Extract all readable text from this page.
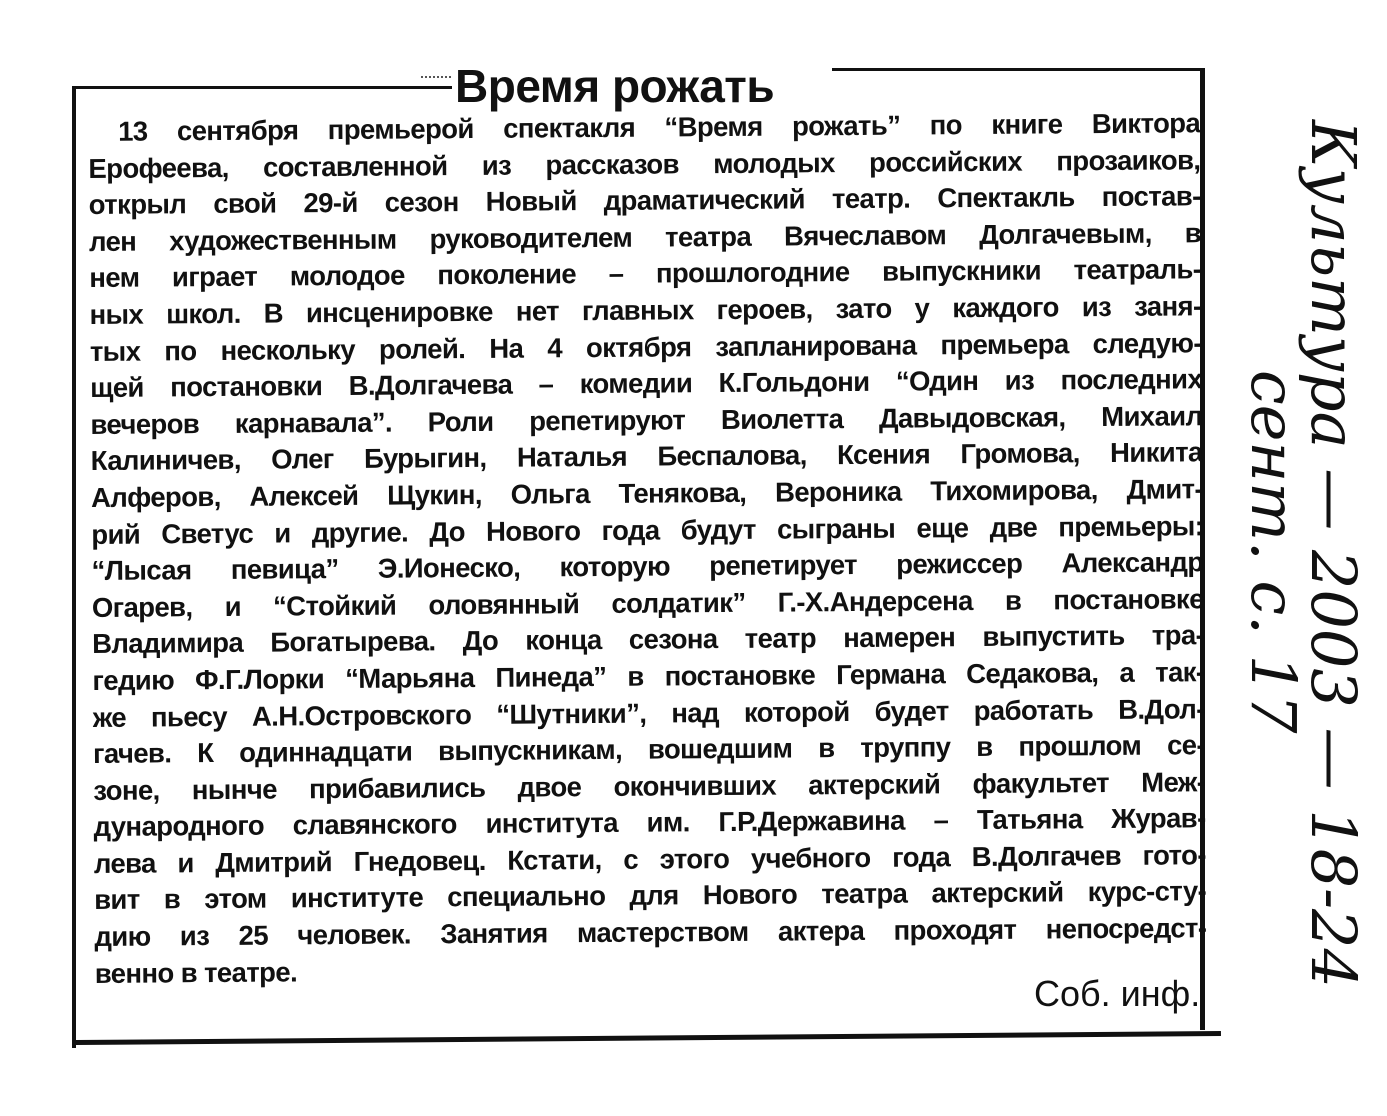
Время рожать
13 сентября премьерой спектакля “Время рожать” по книге Виктора
Ерофеева, составленной из рассказов молодых российских прозаиков,
открыл свой 29-й сезон Новый драматический театр. Спектакль постав-
лен художественным руководителем театра Вячеславом Долгачевым, в
нем играет молодое поколение – прошлогодние выпускники театраль-
ных школ. В инсценировке нет главных героев, зато у каждого из заня-
тых по нескольку ролей. На 4 октября запланирована премьера следую-
щей постановки В.Долгачева – комедии К.Гольдони “Один из последних
вечеров карнавала”. Роли репетируют Виолетта Давыдовская, Михаил
Калиничев, Олег Бурыгин, Наталья Беспалова, Ксения Громова, Никита
Алферов, Алексей Щукин, Ольга Тенякова, Вероника Тихомирова, Дмит-
рий Светус и другие. До Нового года будут сыграны еще две премьеры:
“Лысая певица” Э.Ионеско, которую репетирует режиссер Александр
Огарев, и “Стойкий оловянный солдатик” Г.-Х.Андерсена в постановке
Владимира Богатырева. До конца сезона театр намерен выпустить тра-
гедию Ф.Г.Лорки “Марьяна Пинеда” в постановке Германа Седакова, а так-
же пьесу А.Н.Островского “Шутники”, над которой будет работать В.Дол-
гачев. К одиннадцати выпускникам, вошедшим в труппу в прошлом се-
зоне, нынче прибавились двое окончивших актерский факультет Меж-
дународного славянского института им. Г.Р.Державина – Татьяна Журав-
лева и Дмитрий Гнедовец. Кстати, с этого учебного года В.Долгачев гото-
вит в этом институте специально для Нового театра актерский курс-сту-
дию из 25 человек. Занятия мастерством актера проходят непосредст-
венно в театре.

Соб. инф.

Культура — 2003 — 18-24
сент. с. 17
